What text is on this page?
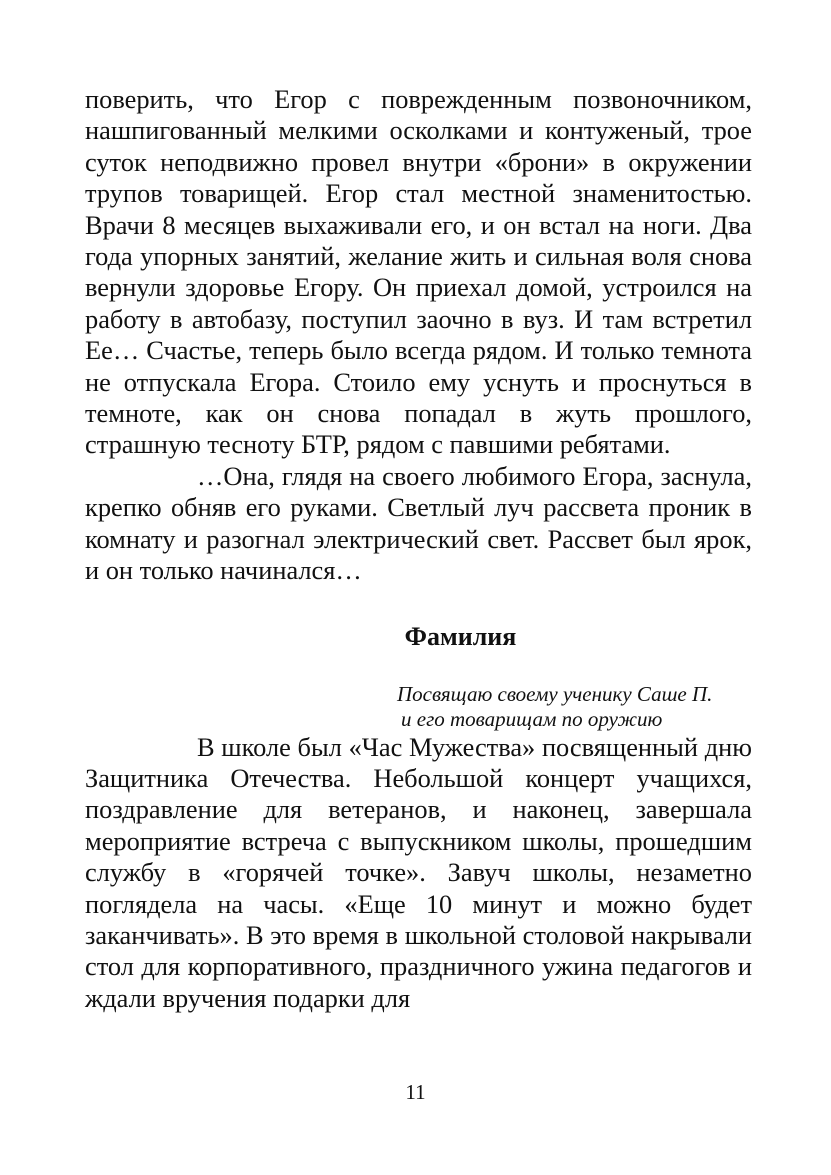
поверить, что Егор с поврежденным позвоночником, нашпигованный мелкими осколками и контуженый, трое суток неподвижно провел внутри «брони» в окружении трупов товарищей. Егор стал местной знаменитостью. Врачи 8 месяцев выхаживали его, и он встал на ноги. Два года упорных занятий, желание жить и сильная воля снова вернули здоровье Егору. Он приехал домой, устроился на работу в автобазу, поступил заочно в вуз. И там встретил Ее… Счастье, теперь было всегда рядом. И только темнота не отпускала Егора. Стоило ему уснуть и проснуться в темноте, как он снова попадал в жуть прошлого, страшную тесноту БТР, рядом с павшими ребятами.

…Она, глядя на своего любимого Егора, заснула, крепко обняв его руками. Светлый луч рассвета проник в комнату и разогнал электрический свет. Рассвет был ярок, и он только начинался…

Фамилия
Посвящаю своему ученику Саше П.
и его товарищам по оружию

В школе был «Час Мужества» посвященный дню Защитника Отечества. Небольшой концерт учащихся, поздравление для ветеранов, и наконец, завершала мероприятие встреча с выпускником школы, прошедшим службу в «горячей точке». Завуч школы, незаметно поглядела на часы. «Еще 10 минут и можно будет заканчивать». В это время в школьной столовой накрывали стол для корпоративного, праздничного ужина педагогов и ждали вручения подарки для

11
